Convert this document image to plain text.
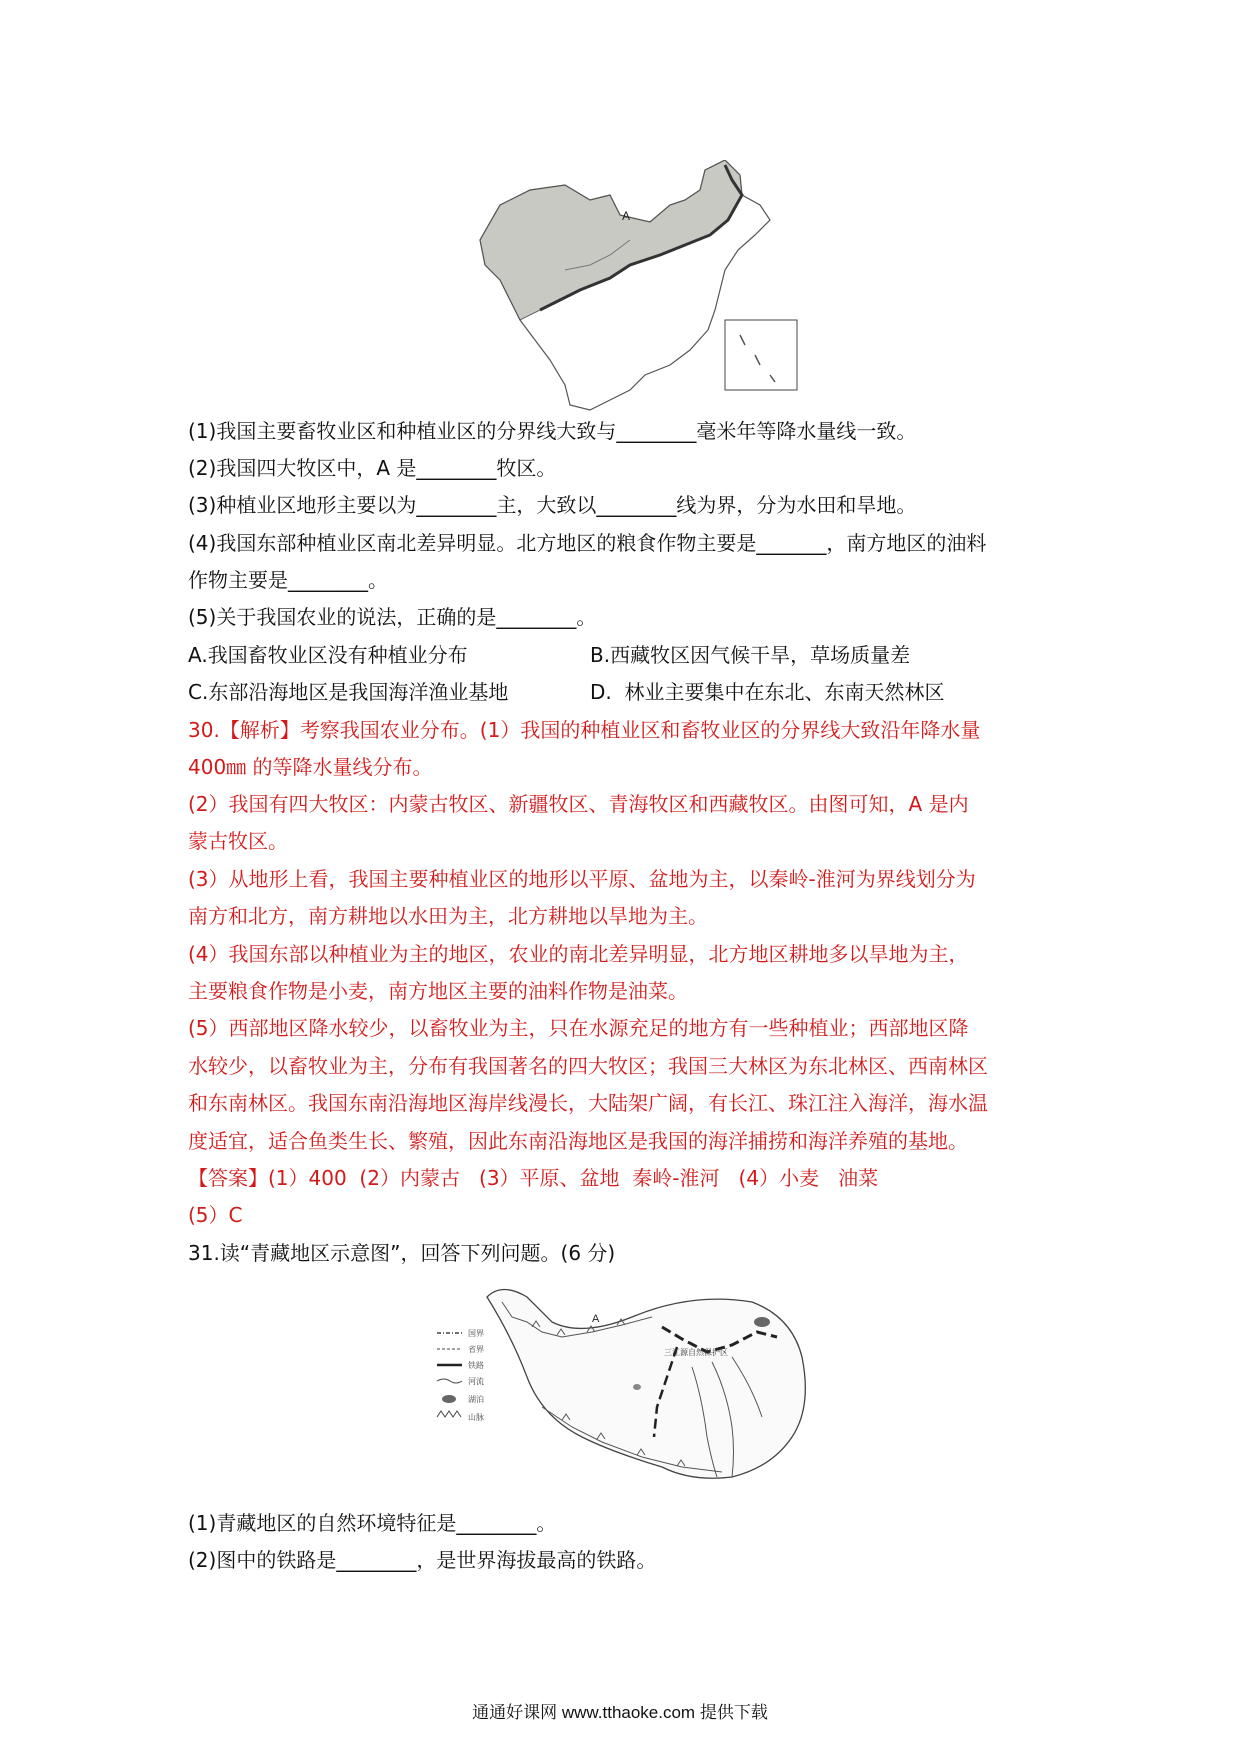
A
(1)我国主要畜牧业区和种植业区的分界线大致与________毫米年等降水量线一致。
(2)我国四大牧区中，A 是________牧区。
(3)种植业区地形主要以为________主，大致以________线为界，分为水田和旱地。
(4)我国东部种植业区南北差异明显。北方地区的粮食作物主要是_______，南方地区的油料
作物主要是________。
(5)关于我国农业的说法，正确的是________。
A.我国畜牧业区没有种植业分布	B.西藏牧区因气候干旱，草场质量差
C.东部沿海地区是我国海洋渔业基地	D.  林业主要集中在东北、东南天然林区
30.【解析】考察我国农业分布。(1）我国的种植业区和畜牧业区的分界线大致沿年降水量
400㎜ 的等降水量线分布。
(2）我国有四大牧区：内蒙古牧区、新疆牧区、青海牧区和西藏牧区。由图可知，A 是内
蒙古牧区。
(3）从地形上看，我国主要种植业区的地形以平原、盆地为主，以秦岭-淮河为界线划分为
南方和北方，南方耕地以水田为主，北方耕地以旱地为主。
(4）我国东部以种植业为主的地区，农业的南北差异明显，北方地区耕地多以旱地为主，
主要粮食作物是小麦，南方地区主要的油料作物是油菜。
(5）西部地区降水较少，以畜牧业为主，只在水源充足的地方有一些种植业；西部地区降
水较少，以畜牧业为主，分布有我国著名的四大牧区；我国三大林区为东北林区、西南林区
和东南林区。我国东南沿海地区海岸线漫长，大陆架广阔，有长江、珠江注入海洋，海水温
度适宜，适合鱼类生长、繁殖，因此东南沿海地区是我国的海洋捕捞和海洋养殖的基地。
【答案】(1）400  (2）内蒙古   (3）平原、盆地  秦岭-淮河   (4）小麦   油菜
(5）C
31.读“青藏地区示意图”，回答下列问题。(6 分)
国界
省界
铁路
河流
湖泊
山脉
A
三江源自然保护区
(1)青藏地区的自然环境特征是________。
(2)图中的铁路是________，是世界海拔最高的铁路。
通通好课网 www.tthaoke.com 提供下载
